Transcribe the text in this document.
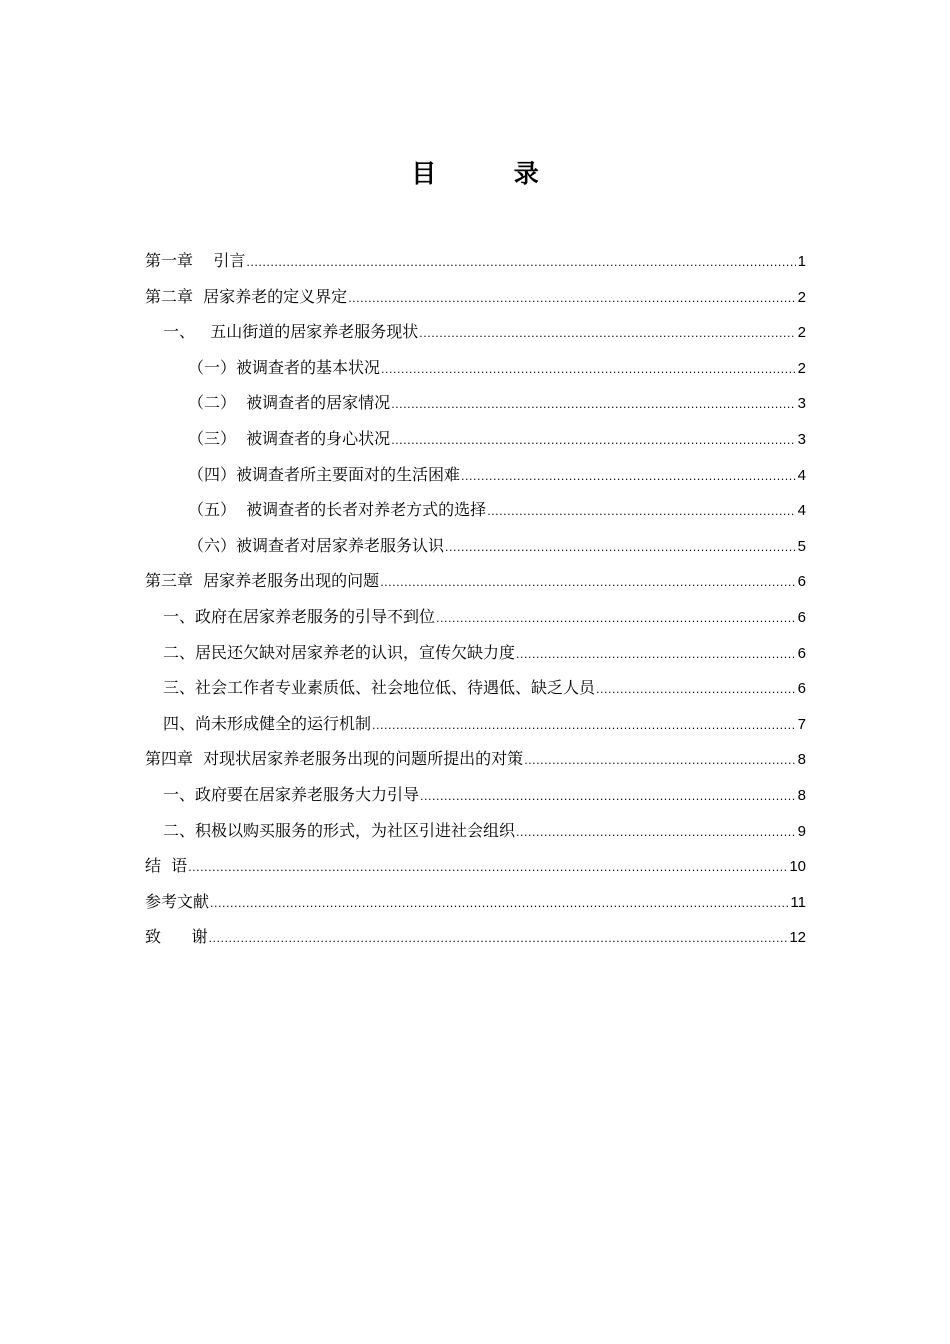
目  录
第一章    引言 .....	1
第二章  居家养老的定义界定 .....	2
一、   五山街道的居家养老服务现状 .....	2
（一）被调查者的基本状况 .....	2
（二）  被调查者的居家情况 .....	3
（三）  被调查者的身心状况 .....	3
（四）被调查者所主要面对的生活困难 .....	4
（五）  被调查者的长者对养老方式的选择 .....	4
（六）被调查者对居家养老服务认识 .....	5
第三章  居家养老服务出现的问题 .....	6
一、政府在居家养老服务的引导不到位 .....	6
二、居民还欠缺对居家养老的认识，宣传欠缺力度 .....	6
三、社会工作者专业素质低、社会地位低、待遇低、缺乏人员 .....	6
四、尚未形成健全的运行机制 .....	7
第四章  对现状居家养老服务出现的问题所提出的对策 .....	8
一、政府要在居家养老服务大力引导 .....	8
二、积极以购买服务的形式，为社区引进社会组织 .....	9
结  语 .....	10
参考文献 .....	11
致      谢 .....	12
